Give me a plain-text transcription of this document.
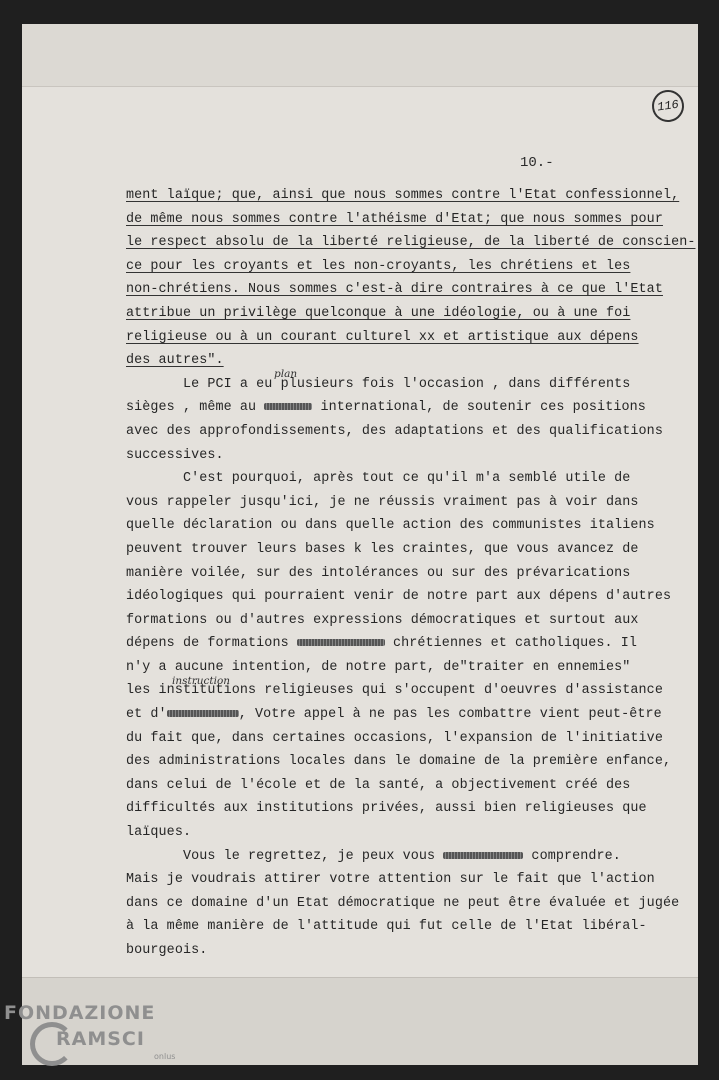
116
10.-
ment laïque; que, ainsi que nous sommes contre l'Etat confessionnel,
de même nous sommes contre l'athéisme d'Etat; que nous sommes pour
le respect absolu de la liberté religieuse, de la liberté de conscien-
ce pour les croyants et les non-croyants, les chrétiens et les
non-chrétiens. Nous sommes c'est-à dire contraires à ce que l'Etat
attribue un privilège quelconque à une idéologie, ou à une foi
religieuse ou à un courant culturel xx et artistique aux dépens
des autres".
Le PCI a eu plusieurs fois l'occasion , dans différents
sièges , même au	international, de soutenir ces positions
avec des approfondissements, des adaptations et des qualifications
successives.
C'est pourquoi, après tout ce qu'il m'a semblé utile de
vous rappeler jusqu'ici, je ne réussis vraiment pas à voir dans
quelle déclaration ou dans quelle action des communistes italiens
peuvent trouver leurs bases k les craintes, que vous avancez de
manière voilée, sur des intolérances ou sur des prévarications
idéologiques qui pourraient venir de notre part aux dépens d'autres
formations ou d'autres expressions démocratiques et surtout aux
dépens de formations	chrétiennes et catholiques. Il
n'y a aucune intention, de notre part, de"traiter en ennemies"
les institutions religieuses qui s'occupent d'oeuvres d'assistance
et d'	, Votre appel à ne pas les combattre vient peut-être
du fait que, dans certaines occasions, l'expansion de l'initiative
des administrations locales dans le domaine de la première enfance,
dans celui de l'école et de la santé, a objectivement créé des
difficultés aux institutions privées, aussi bien religieuses que
laïques.
Vous le regrettez, je peux vous	comprendre.
Mais je voudrais attirer votre attention sur le fait que l'action
dans ce domaine d'un Etat démocratique ne peut être évaluée et jugée
à la même manière de l'attitude qui fut celle de l'Etat libéral-
bourgeois.
plan
instruction
FONDAZIONE
RAMSCI
onlus
